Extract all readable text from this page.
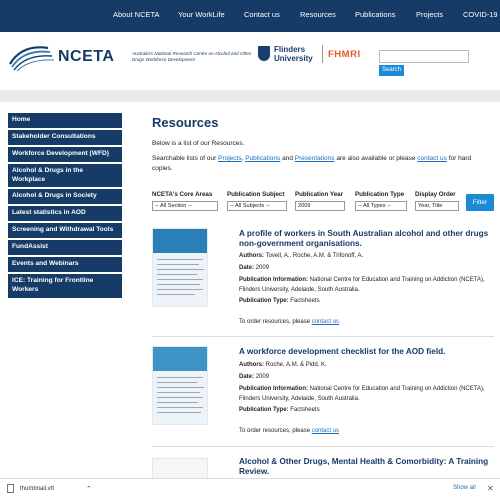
About NCETA Your WorkLife	Contact us	Resources	Publications	Projects	COVID-19
NCETA	Australia's National Research Centre on Alcohol and Other Drugs Workforce Development
Flinders
University FHMRI
Search
Home
Stakeholder Consultations
Workforce Development (WFD)
Alcohol & Drugs in the Workplace
Alcohol & Drugs in Society
Latest statistics in AOD
Screening and Withdrawal Tools
FundAssist
Events and Webinars
ICE: Training for Frontline Workers
Resources
Below is a list of our Resources.
Searchable lists of our Projects, Publications and Presentations are also available or please contact us for hard copies.
NCETA's Core Areas
-- All Section --
Publication Subject
-- All Subjects --
Publication Year
2009
Publication Type
-- All Types --
Display Order
Year, Title	Filter
A profile of workers in South Australian alcohol and other drugs non-government organisations.
Authors: Tovell, A., Roche, A.M. & Trifonoff, A.
Date: 2009
Publication Information: National Centre for Education and Training on Addiction (NCETA), Flinders University, Adelaide, South Australia.
Publication Type: Factsheets
To order resources, please contact us
A workforce development checklist for the AOD field.
Authors: Roche, A.M. & Pidd, K.
Date: 2009
Publication Information: National Centre for Education and Training on Addiction (NCETA), Flinders University, Adelaide, South Australia.
Publication Type: Factsheets
To order resources, please contact us
Alcohol & Other Drugs, Mental Health & Comorbidity: A Training Review.
thumbnail.vtt	⌃	Show all ✕
